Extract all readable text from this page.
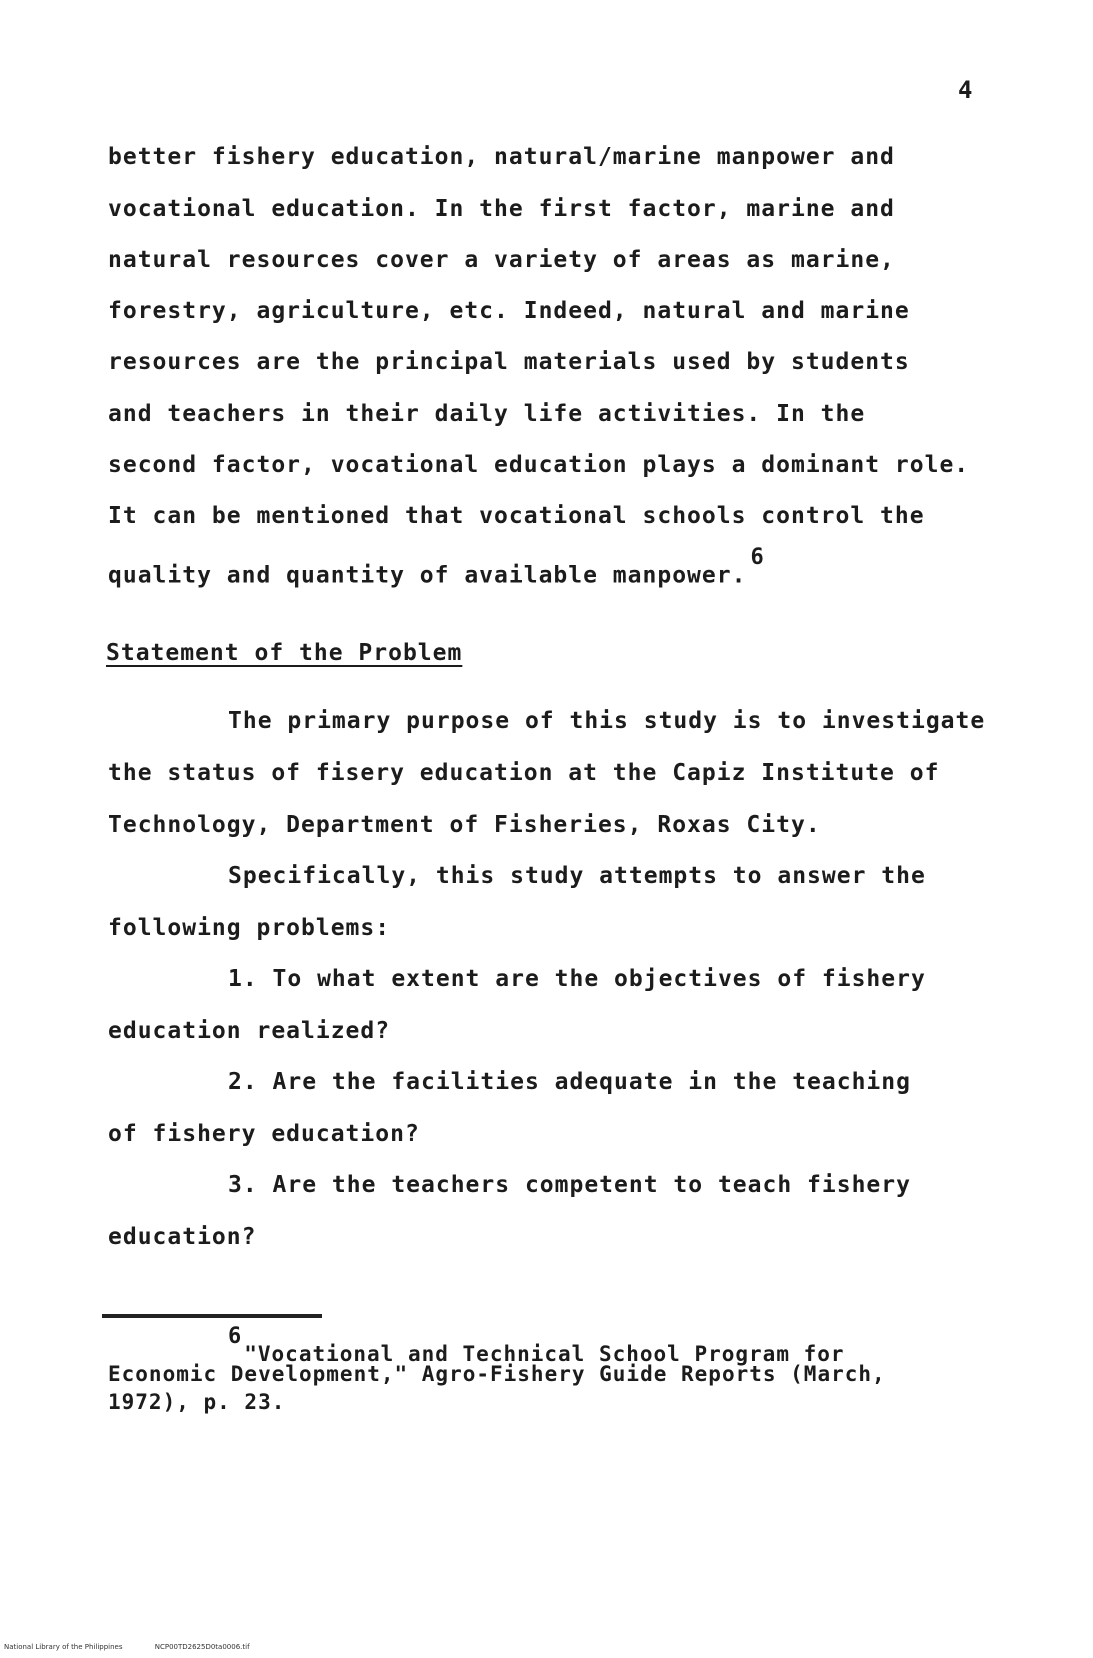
4
better fishery education, natural/marine manpower and
vocational education. In the first factor, marine and
natural resources cover a variety of areas as marine,
forestry, agriculture, etc. Indeed, natural and marine
resources are the principal materials used by students
and teachers in their daily life activities. In the
second factor, vocational education plays a dominant role.
It can be mentioned that vocational schools control the
quality and quantity of available manpower.$^6$
Statement of the Problem
The primary purpose of this study is to investigate
the status of fisery education at the Capiz Institute of
Technology, Department of Fisheries, Roxas City.
Specifically, this study attempts to answer the
following problems:
1. To what extent are the objectives of fishery
education realized?
2. Are the facilities adequate in the teaching
of fishery education?
3. Are the teachers competent to teach fishery
education?
$^6$"Vocational and Technical School Program for
Economic Development," Agro-Fishery Guide Reports (March,
1972), p. 23.
National Library of the Philippines	NCP00TD2625D0ta0006.tif
